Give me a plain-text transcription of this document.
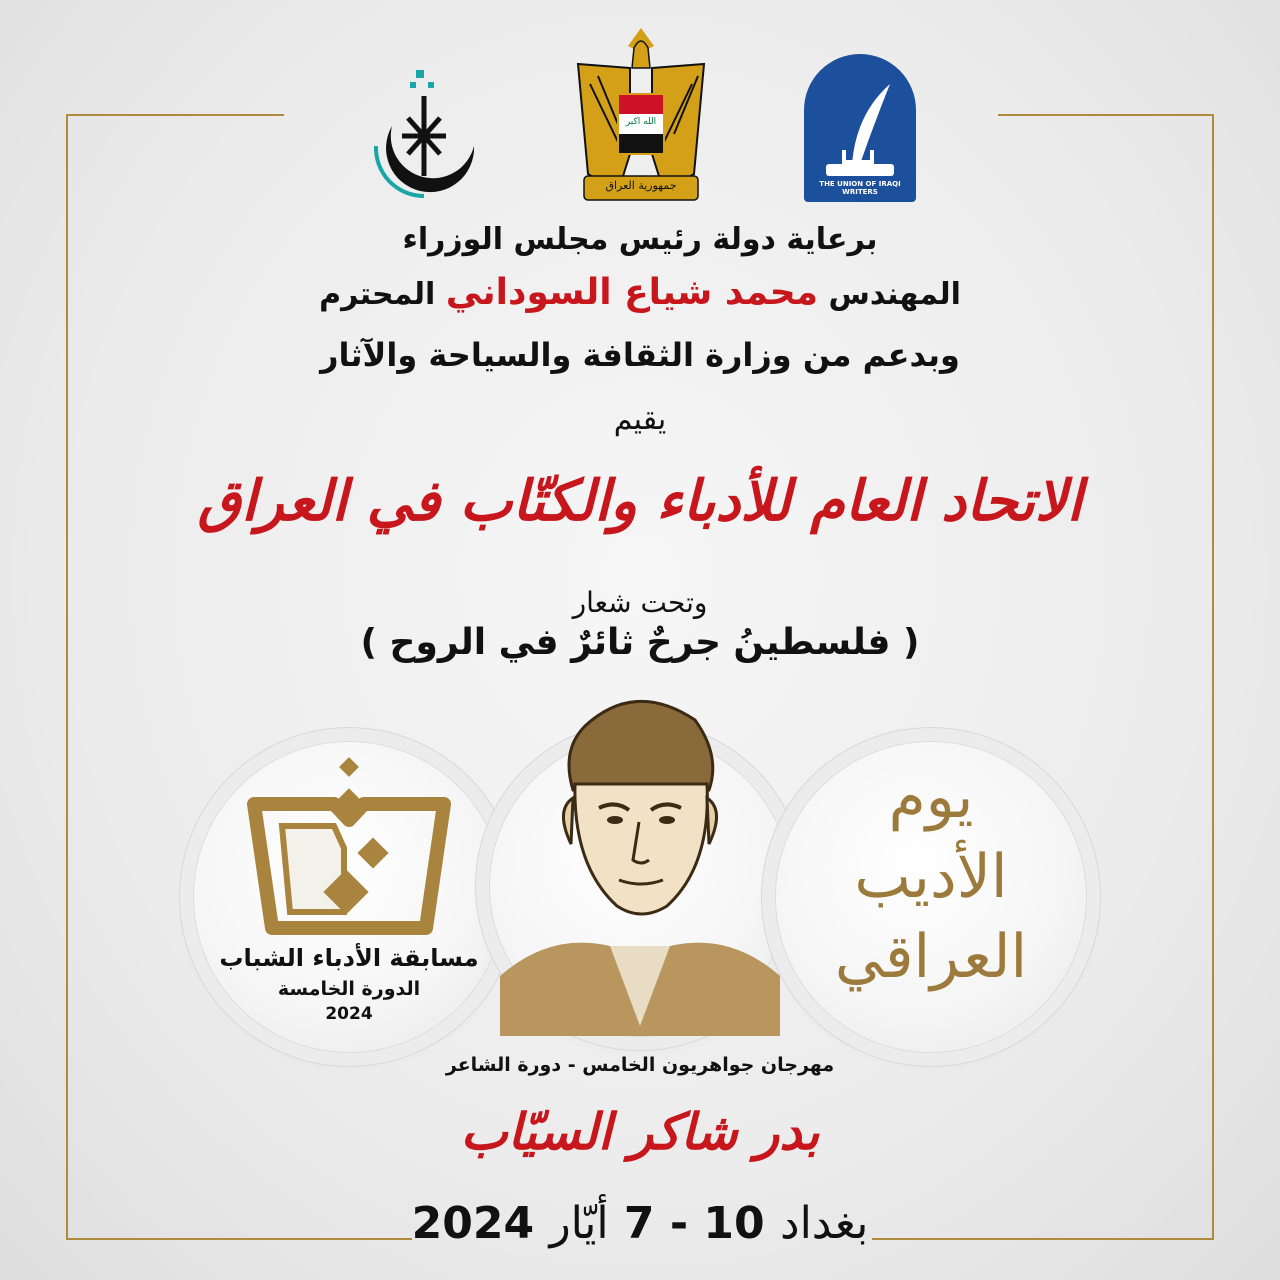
الله اكبر
جمهورية العراق	THE UNION OF IRAQI WRITERS
برعاية دولة رئيس مجلس الوزراء
المهندس محمد شياع السوداني المحترم
وبدعم من وزارة الثقافة والسياحة والآثار
يقيم
الاتحاد العام للأدباء والكتّاب في العراق
وتحت شعار
( فلسطينُ جرحٌ ثائرٌ في الروح )
مسابقة الأدباء الشباب
الدورة الخامسة
2024
يوم
الأديب
العراقي
مهرجان جواهريون الخامس - دورة الشاعر
بدر شاكر السيّاب
بغداد 7 - 10 أيّار 2024
